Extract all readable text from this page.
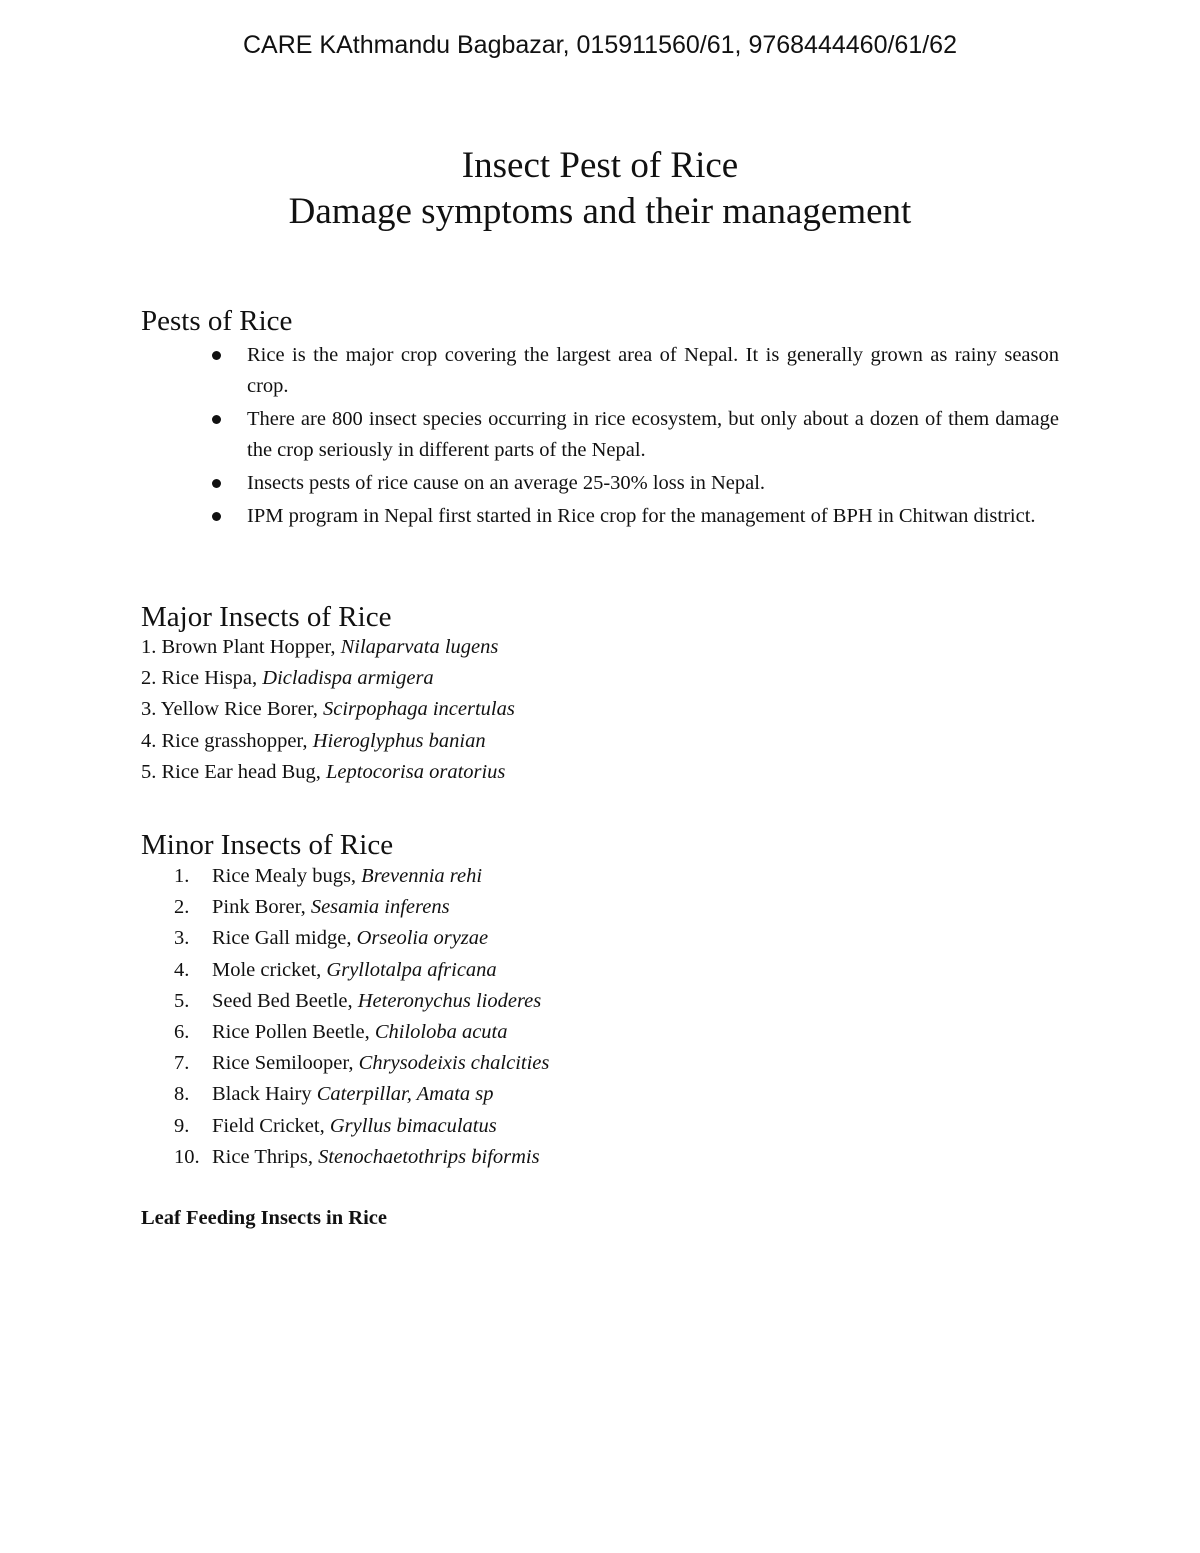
CARE KAthmandu Bagbazar, 015911560/61, 9768444460/61/62
Insect Pest of Rice
Damage symptoms and their management
Pests of Rice
Rice is the major crop covering the largest area of Nepal. It is generally grown as rainy season crop.
There are 800 insect species occurring in rice ecosystem, but only about a dozen of them damage the crop seriously in different parts of the Nepal.
Insects pests of rice cause on an average 25-30% loss in Nepal.
IPM program in Nepal first started in Rice crop for the management of BPH in Chitwan district.
Major Insects of Rice
1. Brown Plant Hopper, Nilaparvata lugens
2. Rice Hispa, Dicladispa armigera
3. Yellow Rice Borer, Scirpophaga incertulas
4. Rice grasshopper, Hieroglyphus banian
5. Rice Ear head Bug, Leptocorisa oratorius
Minor Insects of Rice
1. Rice Mealy bugs, Brevennia rehi
2. Pink Borer, Sesamia inferens
3. Rice Gall midge, Orseolia oryzae
4. Mole cricket, Gryllotalpa africana
5. Seed Bed Beetle, Heteronychus lioderes
6. Rice Pollen Beetle, Chiloloba acuta
7. Rice Semilooper, Chrysodeixis chalcities
8. Black Hairy Caterpillar, Amata sp
9. Field Cricket, Gryllus bimaculatus
10. Rice Thrips, Stenochaetothrips biformis
Leaf Feeding Insects in Rice
